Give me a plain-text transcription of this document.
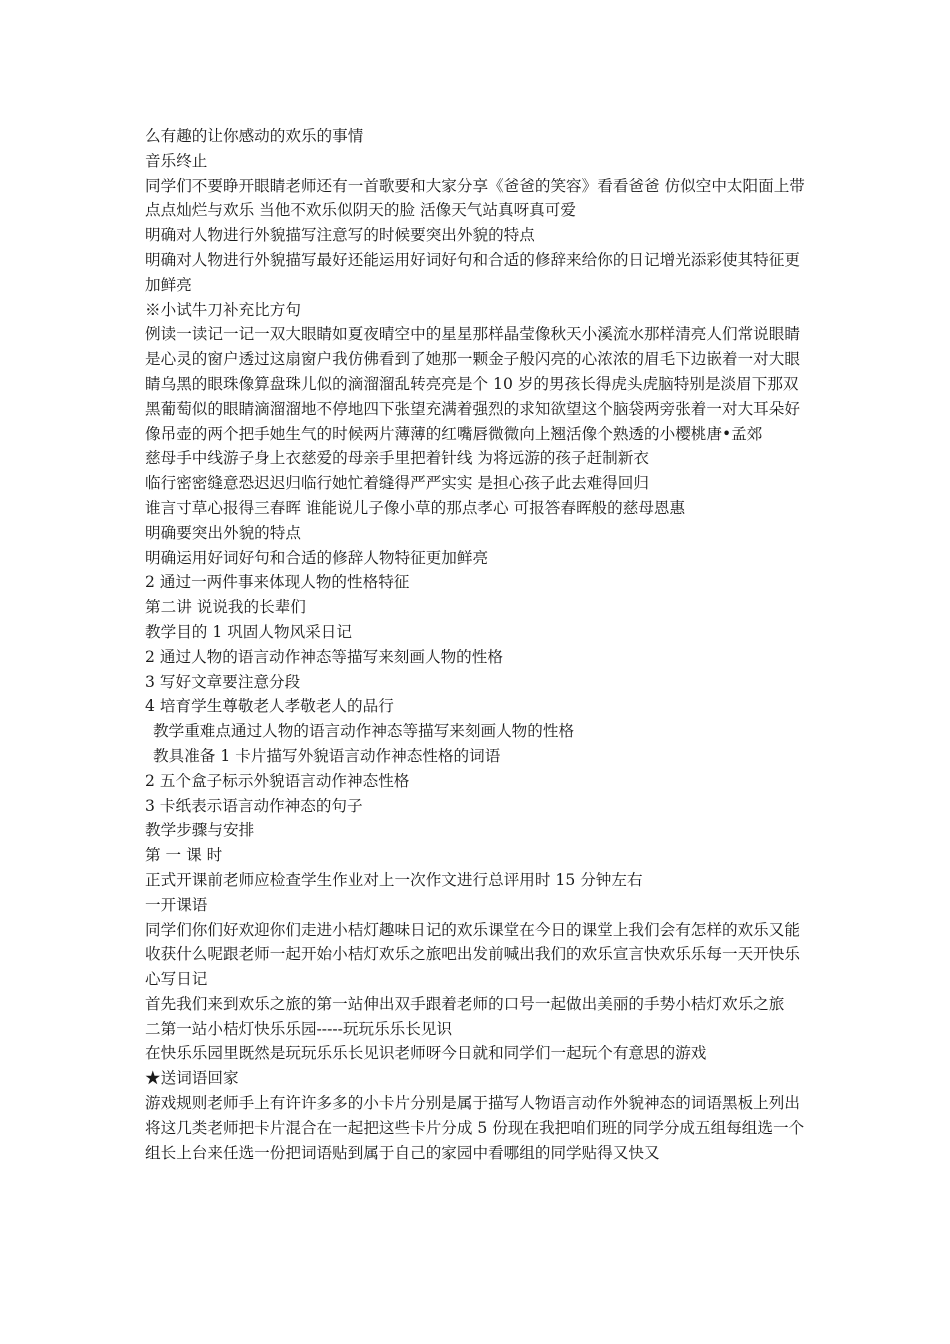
么有趣的让你感动的欢乐的事情

音乐终止

同学们不要睁开眼睛老师还有一首歌要和大家分享《爸爸的笑容》看看爸爸 仿似空中太阳面上带点点灿烂与欢乐 当他不欢乐似阴天的脸 活像天气站真呀真可爱

明确对人物进行外貌描写注意写的时候要突出外貌的特点

明确对人物进行外貌描写最好还能运用好词好句和合适的修辞来给你的日记增光添彩使其特征更加鲜亮

※小试牛刀补充比方句

例读一读记一记一双大眼睛如夏夜晴空中的星星那样晶莹像秋天小溪流水那样清亮人们常说眼睛是心灵的窗户透过这扇窗户我仿佛看到了她那一颗金子般闪亮的心浓浓的眉毛下边嵌着一对大眼睛乌黑的眼珠像算盘珠儿似的滴溜溜乱转亮亮是个 10 岁的男孩长得虎头虎脑特别是淡眉下那双黑葡萄似的眼睛滴溜溜地不停地四下张望充满着强烈的求知欲望这个脑袋两旁张着一对大耳朵好像吊壶的两个把手她生气的时候两片薄薄的红嘴唇微微向上翘活像个熟透的小樱桃唐•孟郊

慈母手中线游子身上衣慈爱的母亲手里把着针线 为将远游的孩子赶制新衣

临行密密缝意恐迟迟归临行她忙着缝得严严实实 是担心孩子此去难得回归

谁言寸草心报得三春晖 谁能说儿子像小草的那点孝心 可报答春晖般的慈母恩惠

明确要突出外貌的特点

明确运用好词好句和合适的修辞人物特征更加鲜亮

2 通过一两件事来体现人物的性格特征

第二讲 说说我的长辈们

教学目的 1 巩固人物风采日记

2 通过人物的语言动作神态等描写来刻画人物的性格

3 写好文章要注意分段

4 培育学生尊敬老人孝敬老人的品行

教学重难点通过人物的语言动作神态等描写来刻画人物的性格

教具准备 1 卡片描写外貌语言动作神态性格的词语

2 五个盒子标示外貌语言动作神态性格

3 卡纸表示语言动作神态的句子

教学步骤与安排

第 一 课 时

正式开课前老师应检查学生作业对上一次作文进行总评用时 15 分钟左右

一开课语

同学们你们好欢迎你们走进小桔灯趣味日记的欢乐课堂在今日的课堂上我们会有怎样的欢乐又能收获什么呢跟老师一起开始小桔灯欢乐之旅吧出发前喊出我们的欢乐宣言快欢乐乐每一天开快乐心写日记

首先我们来到欢乐之旅的第一站伸出双手跟着老师的口号一起做出美丽的手势小桔灯欢乐之旅

二第一站小桔灯快乐乐园-----玩玩乐乐长见识

在快乐乐园里既然是玩玩乐乐长见识老师呀今日就和同学们一起玩个有意思的游戏

★送词语回家

游戏规则老师手上有许许多多的小卡片分别是属于描写人物语言动作外貌神态的词语黑板上列出将这几类老师把卡片混合在一起把这些卡片分成 5 份现在我把咱们班的同学分成五组每组选一个组长上台来任选一份把词语贴到属于自己的家园中看哪组的同学贴得又快又
